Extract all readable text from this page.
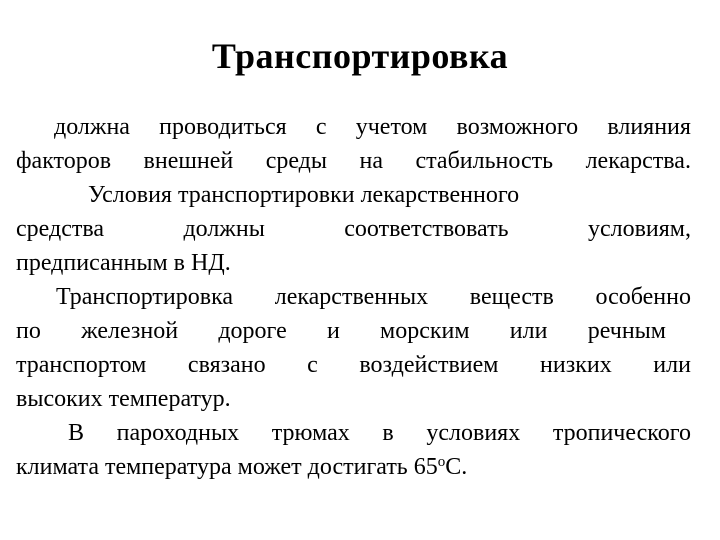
Транспортировка
должна проводиться с учетом возможного влияния
факторов внешней среды на стабильность лекарства.
Условия транспортировки лекарственного
средства	должны	соответствовать	условиям,
предписанным в НД.
Транспортировка лекарственных веществ особенно
по железной дороге и морским или речным
транспортом связано с воздействием низких или
высоких температур.
В пароходных трюмах в условиях тропического
климата температура может достигать $65^оС$.
